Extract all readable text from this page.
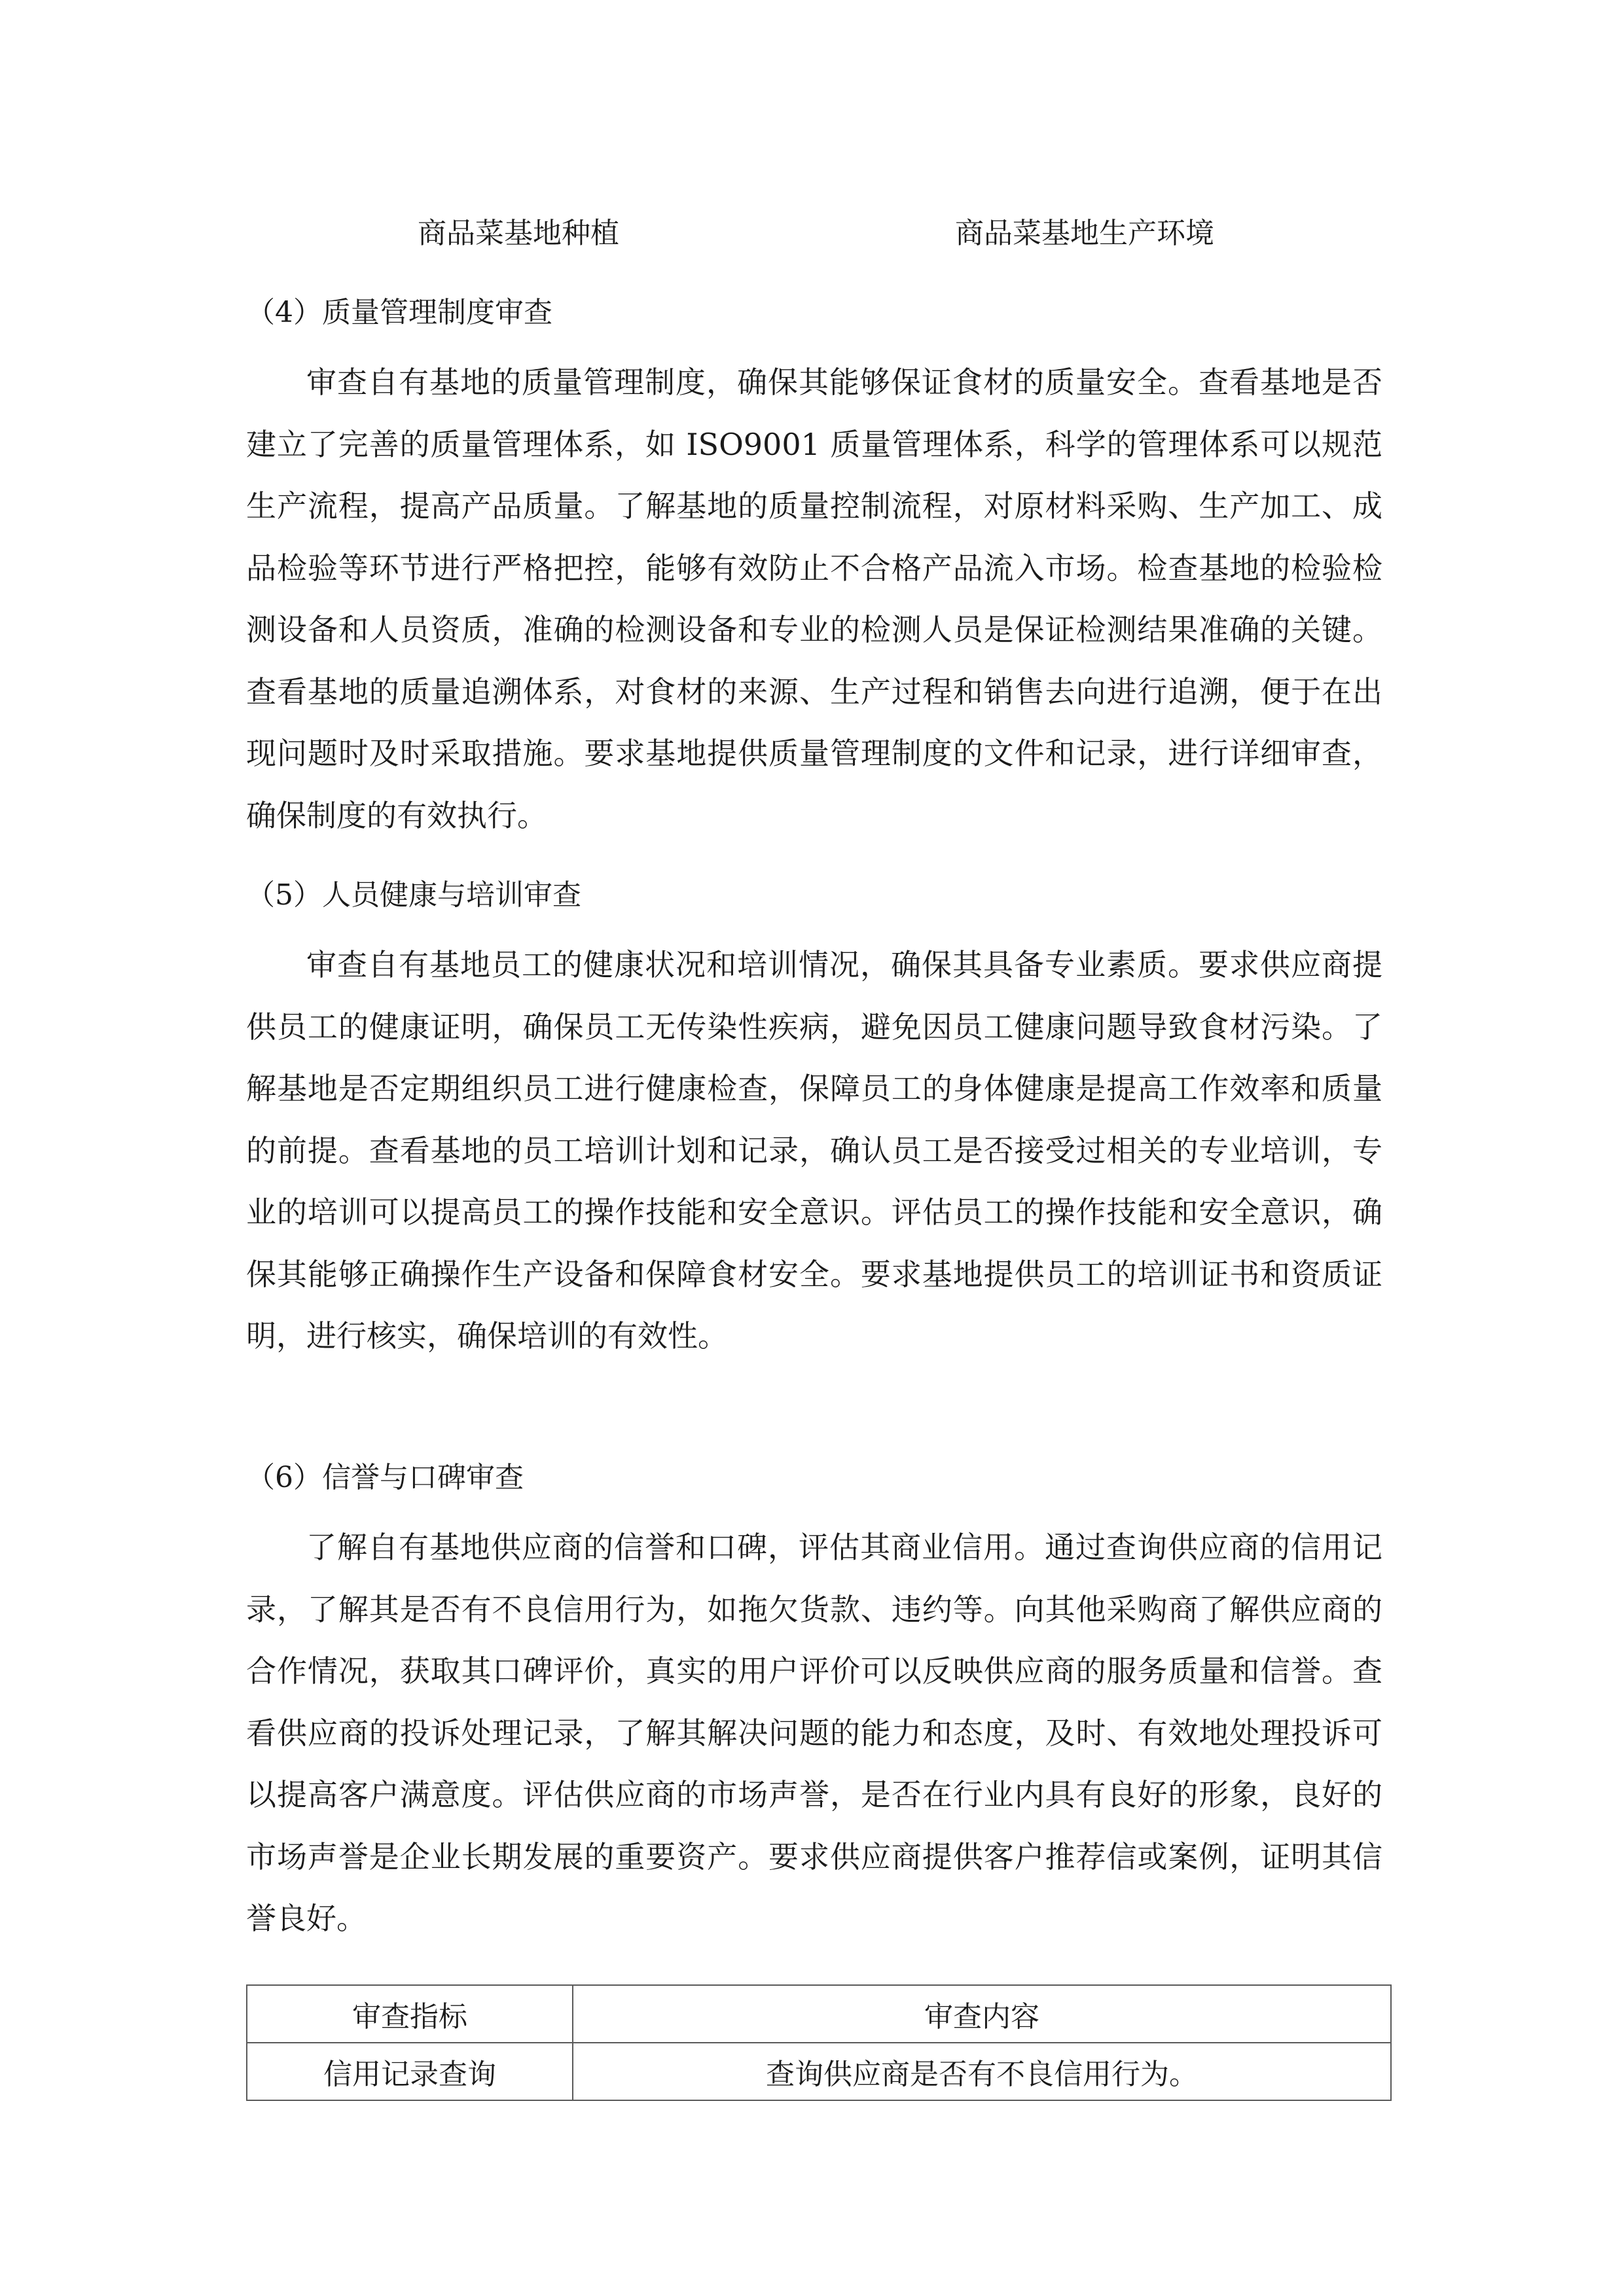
商品菜基地种植	商品菜基地生产环境
（4）质量管理制度审查

审查自有基地的质量管理制度，确保其能够保证食材的质量安全。查看基地是否建立了完善的质量管理体系，如 ISO9001 质量管理体系，科学的管理体系可以规范生产流程，提高产品质量。了解基地的质量控制流程，对原材料采购、生产加工、成品检验等环节进行严格把控，能够有效防止不合格产品流入市场。检查基地的检验检测设备和人员资质，准确的检测设备和专业的检测人员是保证检测结果准确的关键。查看基地的质量追溯体系，对食材的来源、生产过程和销售去向进行追溯，便于在出现问题时及时采取措施。要求基地提供质量管理制度的文件和记录，进行详细审查，确保制度的有效执行。

（5）人员健康与培训审查

审查自有基地员工的健康状况和培训情况，确保其具备专业素质。要求供应商提供员工的健康证明，确保员工无传染性疾病，避免因员工健康问题导致食材污染。了解基地是否定期组织员工进行健康检查，保障员工的身体健康是提高工作效率和质量的前提。查看基地的员工培训计划和记录，确认员工是否接受过相关的专业培训，专业的培训可以提高员工的操作技能和安全意识。评估员工的操作技能和安全意识，确保其能够正确操作生产设备和保障食材安全。要求基地提供员工的培训证书和资质证明，进行核实，确保培训的有效性。

（6）信誉与口碑审查

了解自有基地供应商的信誉和口碑，评估其商业信用。通过查询供应商的信用记录，了解其是否有不良信用行为，如拖欠货款、违约等。向其他采购商了解供应商的合作情况，获取其口碑评价，真实的用户评价可以反映供应商的服务质量和信誉。查看供应商的投诉处理记录，了解其解决问题的能力和态度，及时、有效地处理投诉可以提高客户满意度。评估供应商的市场声誉，是否在行业内具有良好的形象，良好的市场声誉是企业长期发展的重要资产。要求供应商提供客户推荐信或案例，证明其信誉良好。

审查指标	审查内容
信用记录查询	查询供应商是否有不良信用行为。
